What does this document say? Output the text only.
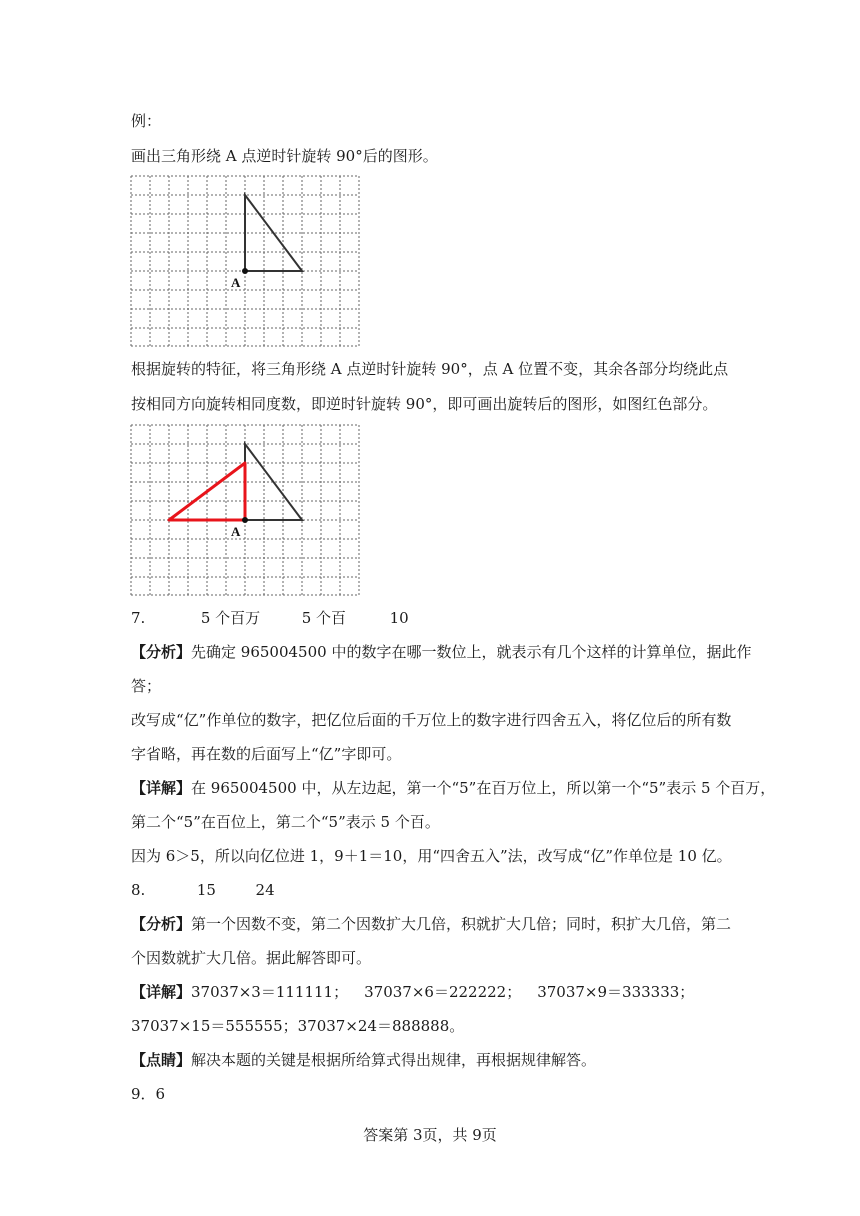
例：
画出三角形绕 A 点逆时针旋转 90°后的图形。
A
根据旋转的特征，将三角形绕 A 点逆时针旋转 90°，点 A 位置不变，其余各部分均绕此点
按相同方向旋转相同度数，即逆时针旋转 90°，即可画出旋转后的图形，如图红色部分。
A
7.	5 个百万	5 个百	10
【分析】先确定 965004500 中的数字在哪一数位上，就表示有几个这样的计算单位，据此作
答；
改写成“亿”作单位的数字，把亿位后面的千万位上的数字进行四舍五入，将亿位后的所有数
字省略，再在数的后面写上“亿”字即可。
【详解】在 965004500 中，从左边起，第一个“5”在百万位上，所以第一个“5”表示 5 个百万，
第二个“5”在百位上，第二个“5”表示 5 个百。
因为 6＞5，所以向亿位进 1，9＋1＝10，用“四舍五入”法，改写成“亿”作单位是 10 亿。
8.	15	24
【分析】第一个因数不变，第二个因数扩大几倍，积就扩大几倍；同时，积扩大几倍，第二
个因数就扩大几倍。据此解答即可。
【详解】37037×3＝111111； 37037×6＝222222； 37037×9＝333333；
37037×15＝555555；37037×24＝888888。
【点睛】解决本题的关键是根据所给算式得出规律，再根据规律解答。
9．6
答案第 3页，共 9页
